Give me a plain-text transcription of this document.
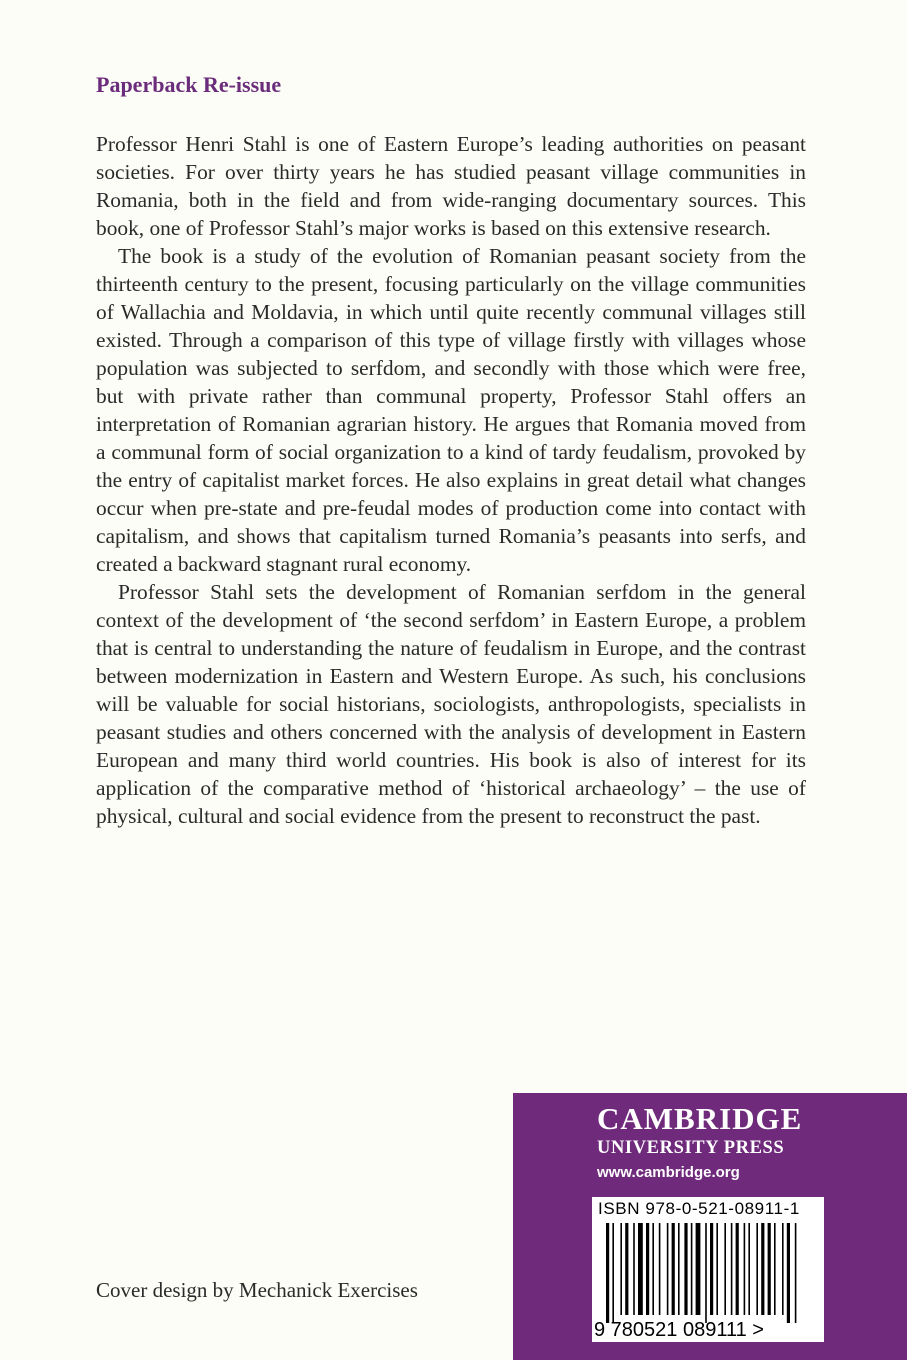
Paperback Re-issue

Professor Henri Stahl is one of Eastern Europe’s leading authorities on peasant societies. For over thirty years he has studied peasant village communities in Romania, both in the field and from wide-ranging documentary sources. This book, one of Professor Stahl’s major works is based on this extensive research.

The book is a study of the evolution of Romanian peasant society from the thirteenth century to the present, focusing particularly on the village communities of Wallachia and Moldavia, in which until quite recently communal villages still existed. Through a comparison of this type of village firstly with villages whose population was subjected to serfdom, and secondly with those which were free, but with private rather than communal property, Professor Stahl offers an interpretation of Romanian agrarian history. He argues that Romania moved from a communal form of social organization to a kind of tardy feudalism, provoked by the entry of capitalist market forces. He also explains in great detail what changes occur when pre-state and pre-feudal modes of production come into contact with capitalism, and shows that capitalism turned Romania’s peasants into serfs, and created a backward stagnant rural economy.

Professor Stahl sets the development of Romanian serfdom in the general context of the development of ‘the second serfdom’ in Eastern Europe, a problem that is central to understanding the nature of feudalism in Europe, and the contrast between modernization in Eastern and Western Europe. As such, his conclusions will be valuable for social historians, sociologists, anthropologists, specialists in peasant studies and others concerned with the analysis of development in Eastern European and many third world countries. His book is also of interest for its application of the comparative method of ‘historical archaeology’ – the use of physical, cultural and social evidence from the present to reconstruct the past.

Cover design by Mechanick Exercises
CAMBRIDGE
UNIVERSITY PRESS
www.cambridge.org
ISBN 978-0-521-08911-1
9 780521 089111 >
